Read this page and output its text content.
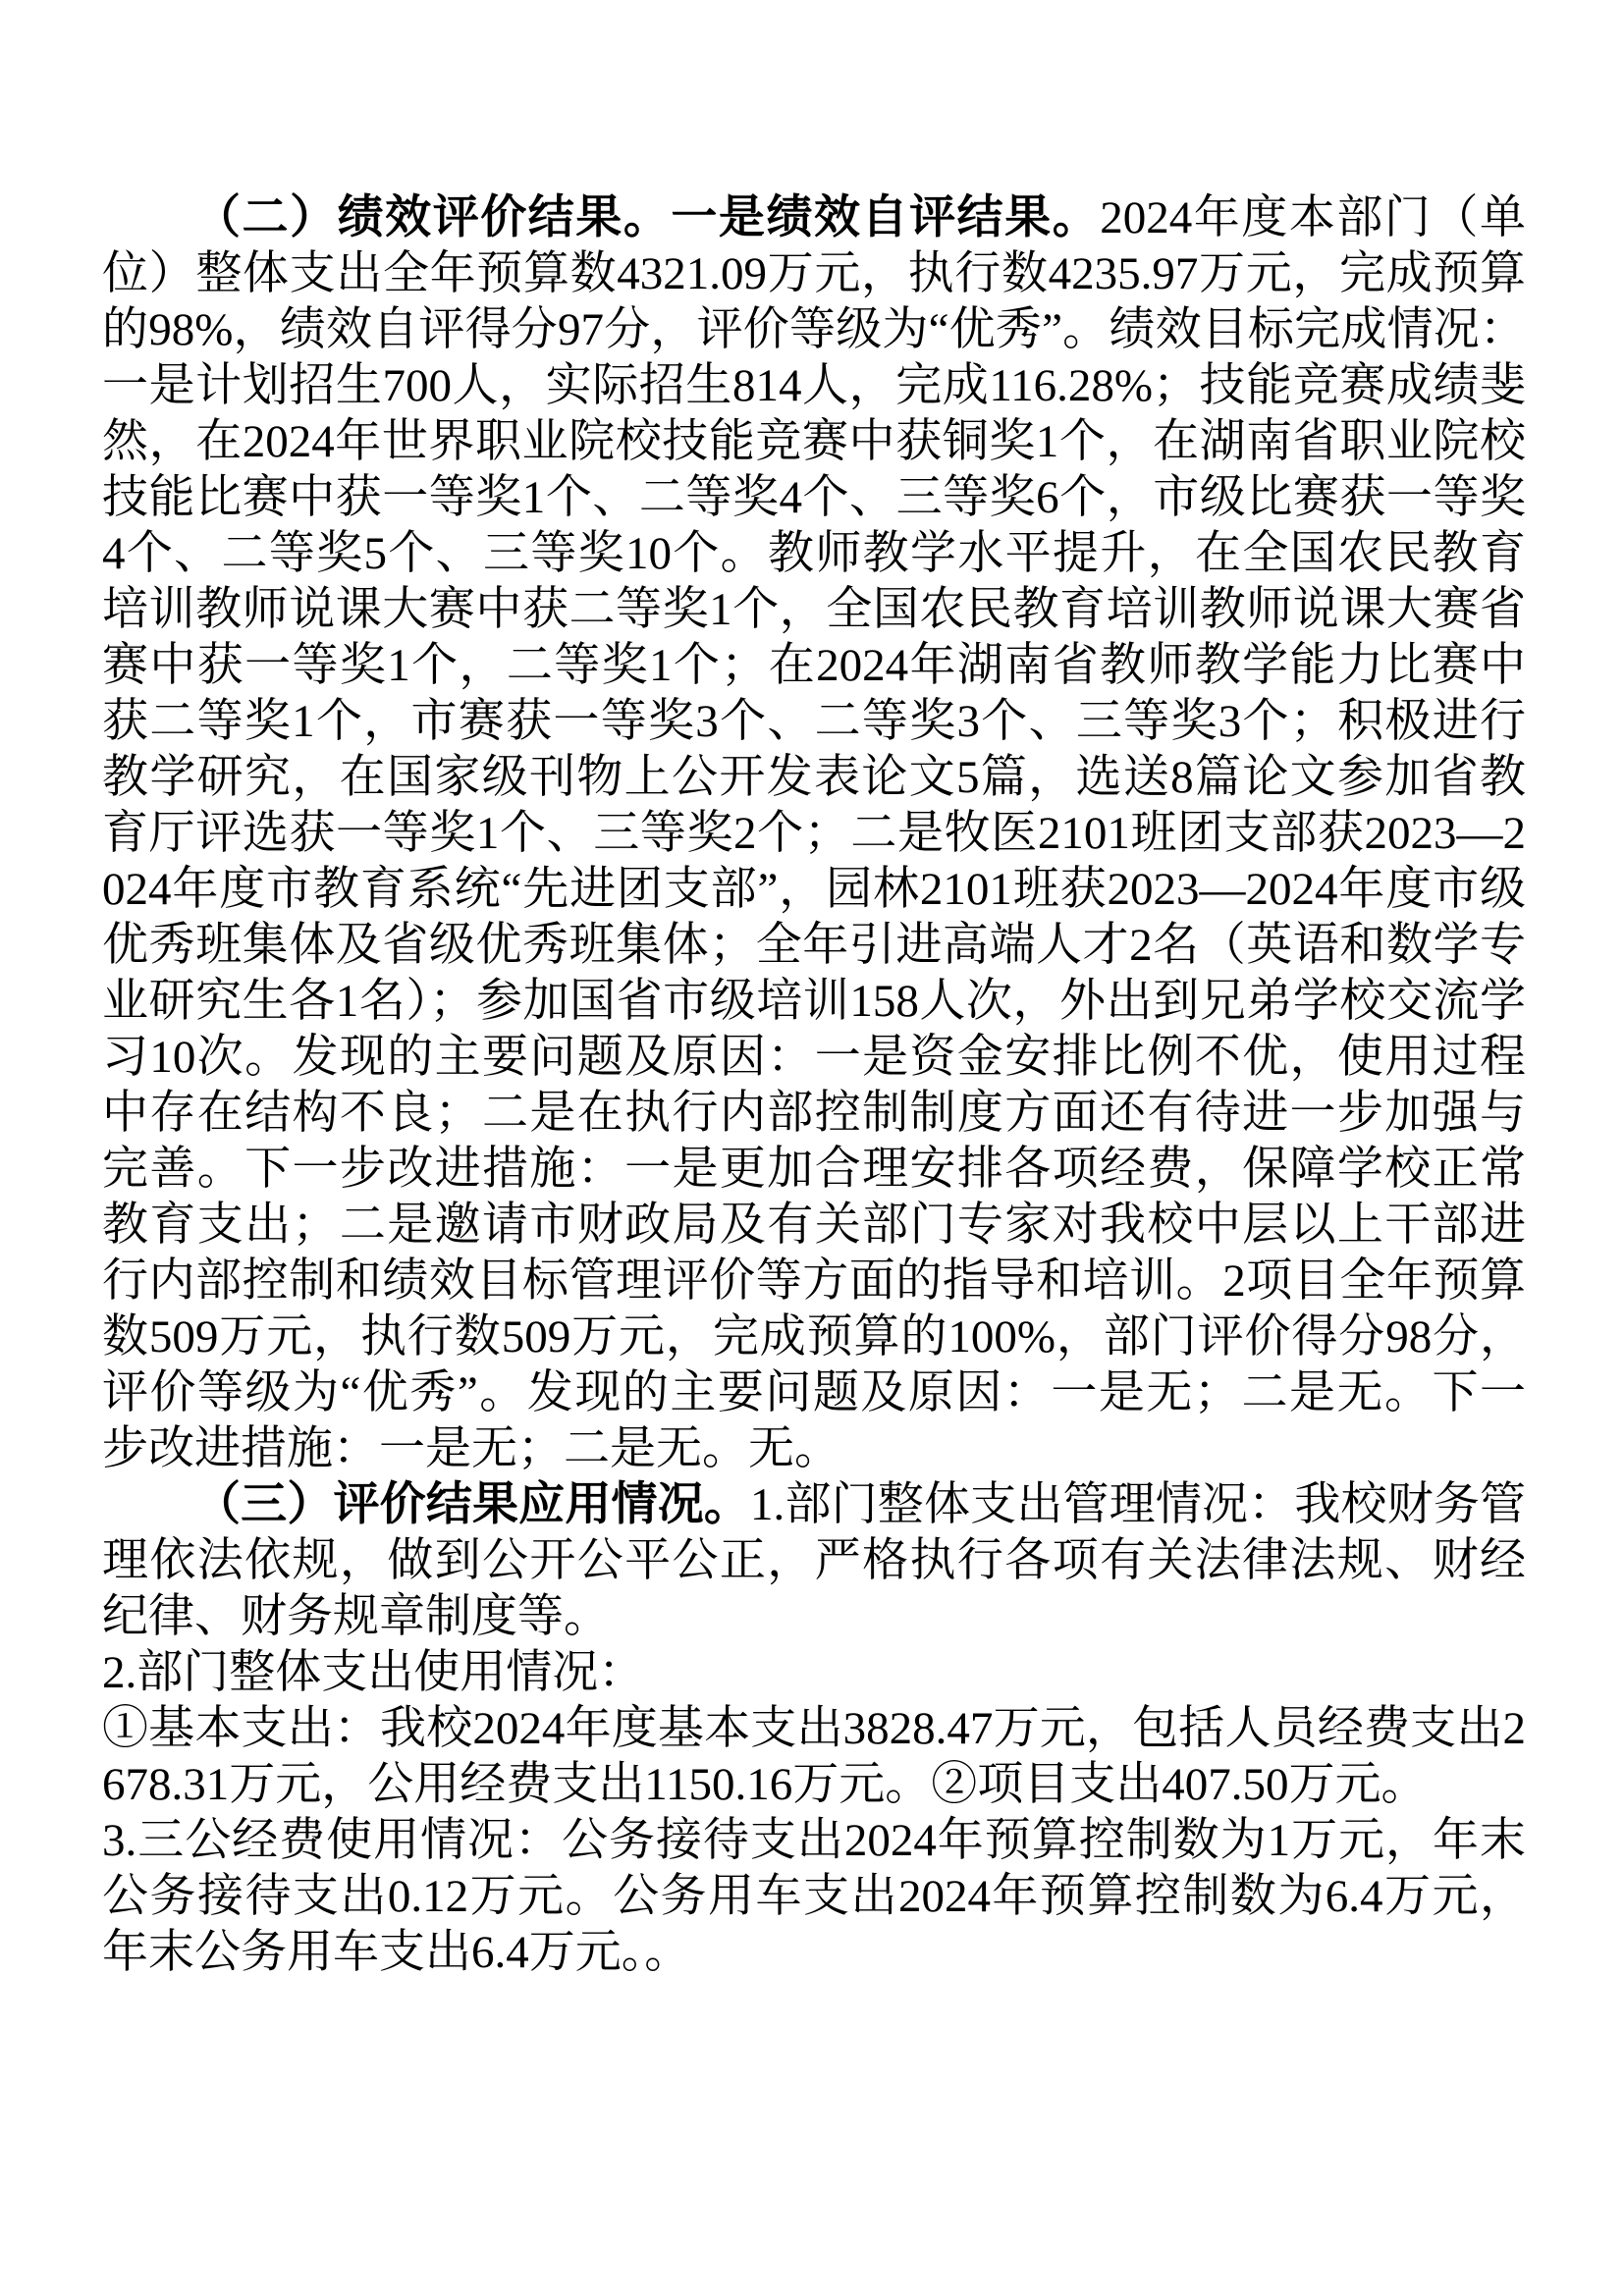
（二）绩效评价结果。一是绩效自评结果。2024年度本部门（单位）整体支出全年预算数4321.09万元，执行数4235.97万元，完成预算的98%，绩效自评得分97分，评价等级为“优秀”。绩效目标完成情况：一是计划招生700人，实际招生814人，完成116.28%；技能竞赛成绩斐然，在2024年世界职业院校技能竞赛中获铜奖1个，在湖南省职业院校技能比赛中获一等奖1个、二等奖4个、三等奖6个，市级比赛获一等奖4个、二等奖5个、三等奖10个。教师教学水平提升，在全国农民教育培训教师说课大赛中获二等奖1个，全国农民教育培训教师说课大赛省赛中获一等奖1个，二等奖1个；在2024年湖南省教师教学能力比赛中获二等奖1个，市赛获一等奖3个、二等奖3个、三等奖3个；积极进行教学研究，在国家级刊物上公开发表论文5篇，选送8篇论文参加省教育厅评选获一等奖1个、三等奖2个；二是牧医2101班团支部获2023—2024年度市教育系统“先进团支部”，园林2101班获2023—2024年度市级优秀班集体及省级优秀班集体；全年引进高端人才2名（英语和数学专业研究生各1名）；参加国省市级培训158人次，外出到兄弟学校交流学习10次。发现的主要问题及原因：一是资金安排比例不优，使用过程中存在结构不良；二是在执行内部控制制度方面还有待进一步加强与完善。下一步改进措施：一是更加合理安排各项经费，保障学校正常教育支出；二是邀请市财政局及有关部门专家对我校中层以上干部进行内部控制和绩效目标管理评价等方面的指导和培训。2项目全年预算数509万元，执行数509万元，完成预算的100%，部门评价得分98分，评价等级为“优秀”。发现的主要问题及原因：一是无；二是无。下一步改进措施：一是无；二是无。无。

（三）评价结果应用情况。1.部门整体支出管理情况：我校财务管理依法依规，做到公开公平公正，严格执行各项有关法律法规、财经纪律、财务规章制度等。

2.部门整体支出使用情况：

①基本支出：我校2024年度基本支出3828.47万元，包括人员经费支出2678.31万元，公用经费支出1150.16万元。②项目支出407.50万元。

3.三公经费使用情况：公务接待支出2024年预算控制数为1万元，年末公务接待支出0.12万元。公务用车支出2024年预算控制数为6.4万元，年末公务用车支出6.4万元。。
